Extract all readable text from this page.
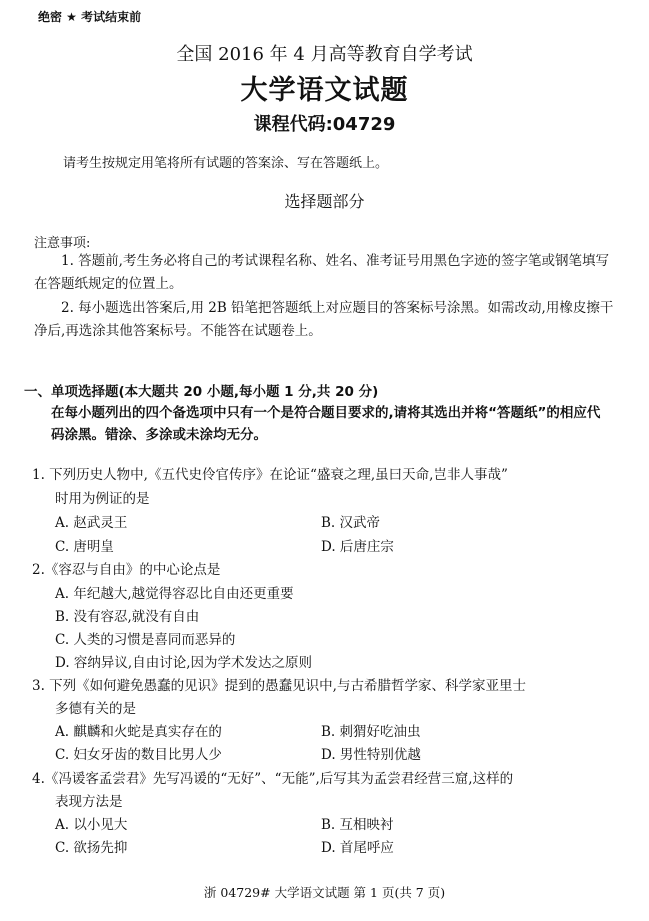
绝密 ★ 考试结束前
全国 2016 年 4 月高等教育自学考试
大学语文试题
课程代码:04729
请考生按规定用笔将所有试题的答案涂、写在答题纸上。
选择题部分
注意事项:
1. 答题前,考生务必将自己的考试课程名称、姓名、准考证号用黑色字迹的签字笔或钢笔填写在答题纸规定的位置上。
2. 每小题选出答案后,用 2B 铅笔把答题纸上对应题目的答案标号涂黑。如需改动,用橡皮擦干净后,再选涂其他答案标号。不能答在试题卷上。
一、单项选择题(本大题共 20 小题,每小题 1 分,共 20 分)
在每小题列出的四个备选项中只有一个是符合题目要求的,请将其选出并将“答题纸”的相应代码涂黑。错涂、多涂或未涂均无分。
1. 下列历史人物中,《五代史伶官传序》在论证“盛衰之理,虽曰天命,岂非人事哉”
时用为例证的是
A. 赵武灵王	B. 汉武帝
C. 唐明皇	D. 后唐庄宗
2.《容忍与自由》的中心论点是
A. 年纪越大,越觉得容忍比自由还更重要
B. 没有容忍,就没有自由
C. 人类的习惯是喜同而恶异的
D. 容纳异议,自由讨论,因为学术发达之原则
3. 下列《如何避免愚蠢的见识》提到的愚蠢见识中,与古希腊哲学家、科学家亚里士
多德有关的是
A. 麒麟和火蛇是真实存在的	B. 刺猬好吃油虫
C. 妇女牙齿的数目比男人少	D. 男性特别优越
4.《冯谖客孟尝君》先写冯谖的“无好”、“无能”,后写其为孟尝君经营三窟,这样的
表现方法是
A. 以小见大	B. 互相映衬
C. 欲扬先抑	D. 首尾呼应
浙 04729# 大学语文试题 第 1 页(共 7 页)
